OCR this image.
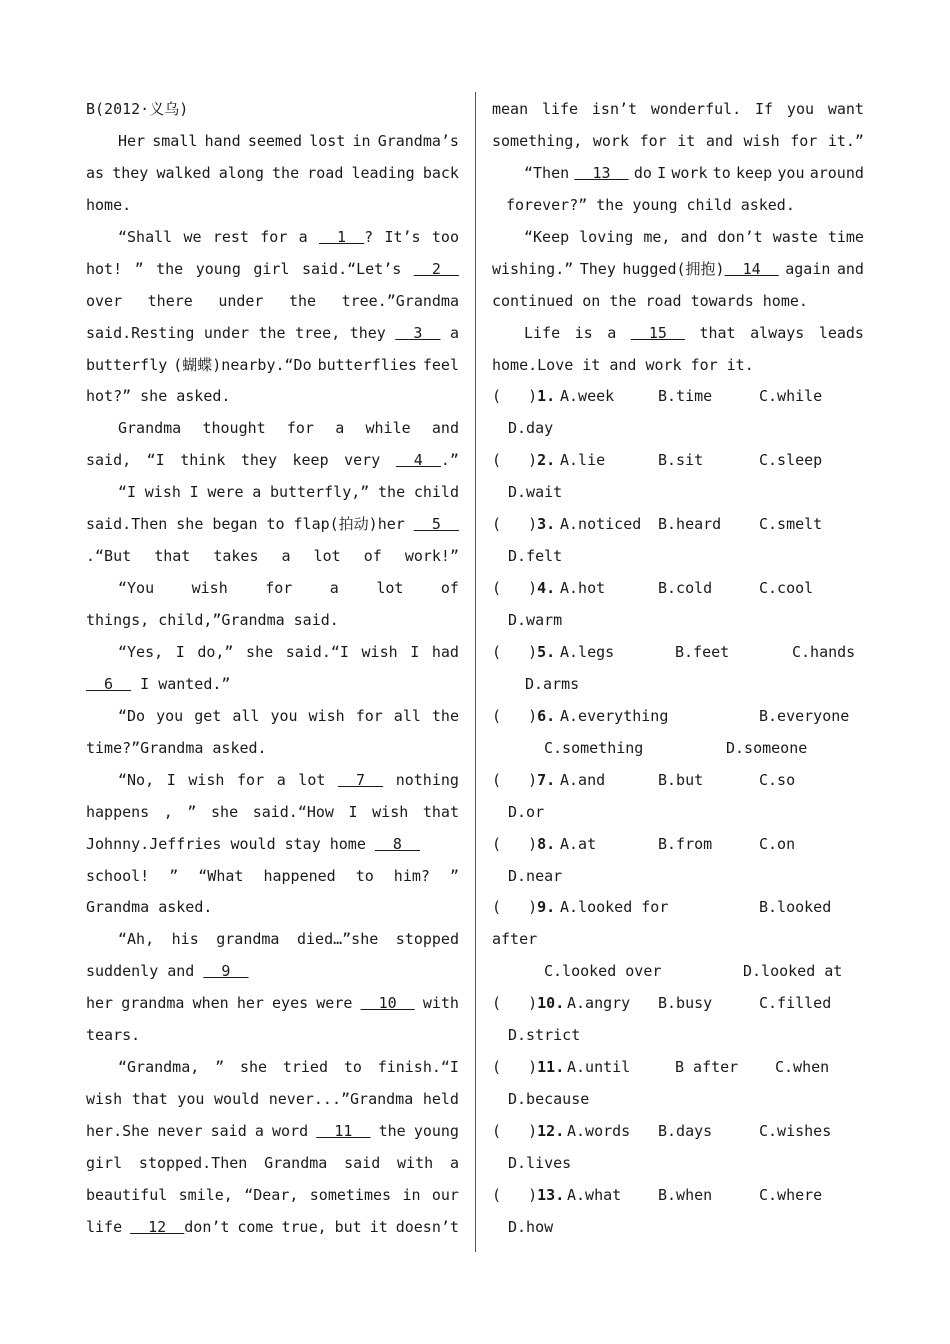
B(2012·义乌)
Her small hand seemed lost in Grandma’s
as they walked along the road leading back
home.
“Shall we rest for a 1  ? It’s too
hot! ” the young girl said.“Let’s 2
over there under the tree.”Grandma
said.Resting under the tree, they 3 a
butterfly (蝴蝶)nearby.“Do butterflies feel
hot?” she asked.
Grandma thought for a while and
said, “I think they keep very 4  .”
“I wish I were a butterfly,” the child
said.Then she began to flap(拍动)her 5
.“But that takes a lot of work!”
“You wish for a lot of
things, child,”Grandma said.
“Yes, I do,” she said.“I wish I had
6 I wanted.”
“Do you get all you wish for all the
time?”Grandma asked.
“No, I wish for a lot 7 nothing
happens , ” she said.“How I wish that
Johnny.Jeffries would stay home 8
school! ” “What happened to him? ”
Grandma asked.
“Ah, his grandma died…”she stopped
suddenly and 9
her grandma when her eyes were 10 with
tears.
“Grandma, ” she tried to finish.“I
wish that you would never...”Grandma held
her.She never said a word 11 the young
girl stopped.Then Grandma said with a
beautiful smile, “Dear, sometimes in our
life 12  don’t come true, but it doesn’t
mean life isn’t wonderful. If you want
something, work for it and wish for it.”
“Then 13 do I work to keep you around
forever?” the young child asked.
“Keep loving me, and don’t waste time
wishing.” They hugged(拥抱)  14 again and
continued on the road towards home.
Life is a 15 that always leads
home.Love it and work for it.
(   ) 1. A.week	B.time	C.while
D.day
(   ) 2. A.lie	B.sit	C.sleep
D.wait
(   ) 3. A.noticed B.heard	C.smelt
D.felt
(   ) 4. A.hot	B.cold	C.cool
D.warm
(   ) 5. A.legs	B.feet	C.hands
D.arms
(   ) 6. A.everything	B.everyone
C.something	D.someone
(   ) 7. A.and	B.but	C.so
D.or
(   ) 8. A.at	B.from	C.on
D.near
(   ) 9. A.looked for	B.looked
after
C.looked over	D.looked at
(   ) 10. A.angry B.busy	C.filled
D.strict
(   ) 11. A.until	B after C.when
D.because
(   ) 12. A.words B.days	C.wishes
D.lives
(   ) 13. A.what B.when	C.where
D.how
